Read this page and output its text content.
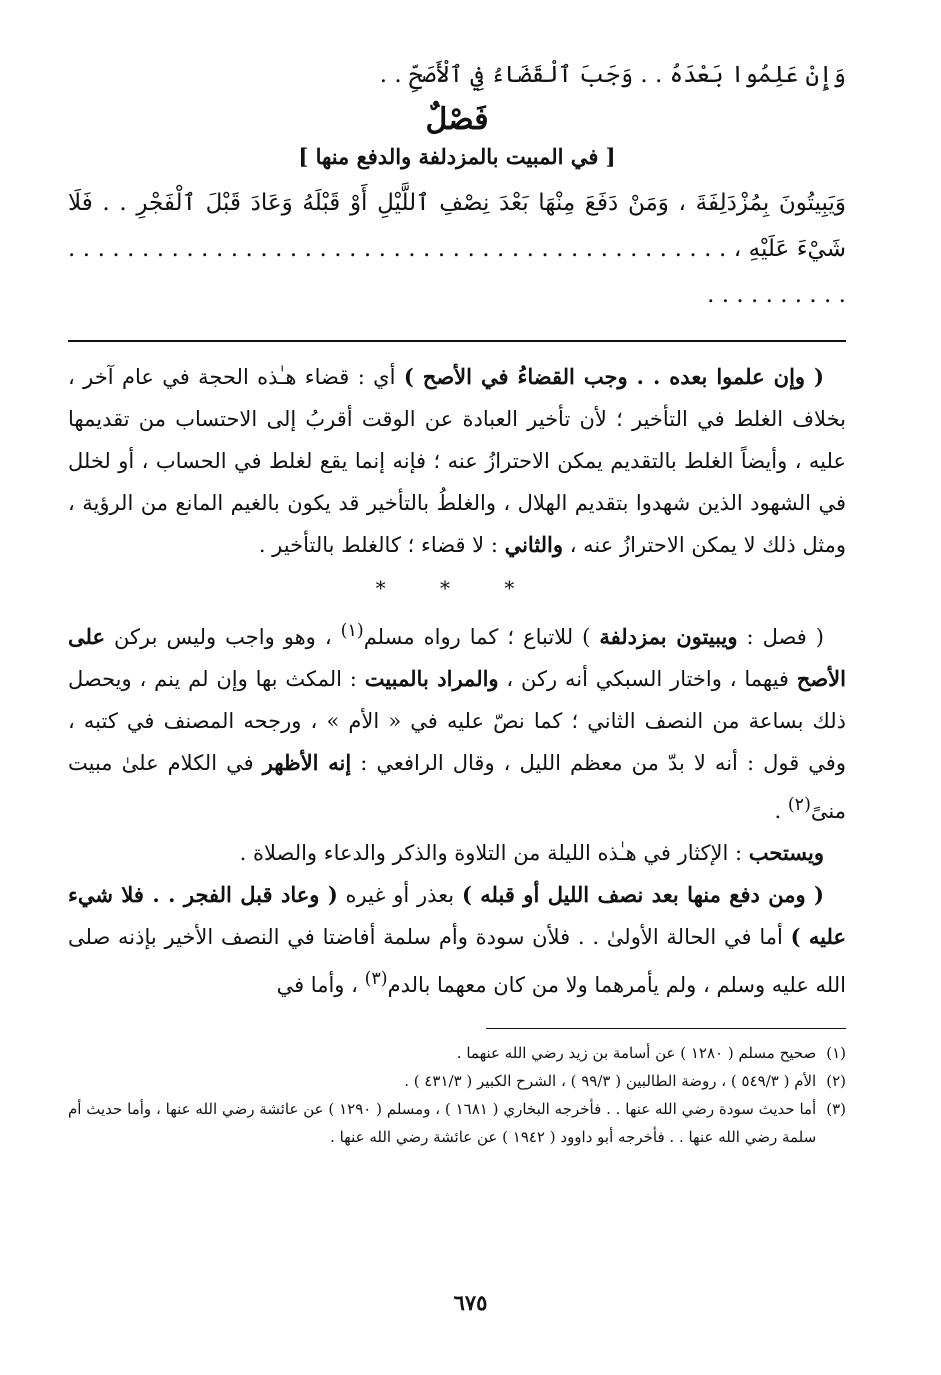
وَإِنْ عَلِمُوا بَعْدَهُ . . وَجَبَ ٱلْقَضَاءُ فِي ٱلْأَصَحِّ . .

فَصْلٌ
[ في المبيت بالمزدلفة والدفع منها ]

وَيَبِيتُونَ بِمُزْدَلِفَةَ ، وَمَنْ دَفَعَ مِنْهَا بَعْدَ نِصْفِ ٱللَّيْلِ أَوْ قَبْلَهُ وَعَادَ قَبْلَ ٱلْفَجْرِ . . فَلَا شَيْءَ عَلَيْهِ ، . . . . . . . . . . . . . . . . . . . . . . . . . . . . . . . . . . . . . . . . . . . . . . . . . . . . . . .

( وإن علموا بعده . . وجب القضاءُ في الأصح ) أي : قضاء هـٰذه الحجة في عام آخر ، بخلاف الغلط في التأخير ؛ لأن تأخير العبادة عن الوقت أقربُ إلى الاحتساب من تقديمها عليه ، وأيضاً الغلط بالتقديم يمكن الاحترازُ عنه ؛ فإنه إنما يقع لغلط في الحساب ، أو لخلل في الشهود الذين شهدوا بتقديم الهلال ، والغلطُ بالتأخير قد يكون بالغيم المانع من الرؤية ، ومثل ذلك لا يمكن الاحترازُ عنه ، والثاني : لا قضاء ؛ كالغلط بالتأخير .

* * *

( فصل : ويبيتون بمزدلفة ) للاتباع ؛ كما رواه مسلم$^{(١)}$ ، وهو واجب وليس بركن على الأصح فيهما ، واختار السبكي أنه ركن ، والمراد بالمبيت : المكث بها وإن لم ينم ، ويحصل ذلك بساعة من النصف الثاني ؛ كما نصّ عليه في « الأم » ، ورجحه المصنف في كتبه ، وفي قول : أنه لا بدّ من معظم الليل ، وقال الرافعي : إنه الأظهر في الكلام علىٰ مبيت منىً$^{(٢)}$ .

ويستحب : الإكثار في هـٰذه الليلة من التلاوة والذكر والدعاء والصلاة .

( ومن دفع منها بعد نصف الليل أو قبله ) بعذر أو غيره ( وعاد قبل الفجر . . فلا شيء عليه ) أما في الحالة الأولىٰ . . فلأن سودة وأم سلمة أفاضتا في النصف الأخير بإذنه صلى الله عليه وسلم ، ولم يأمرهما ولا من كان معهما بالدم$^{(٣)}$ ، وأما في

(١)
صحيح مسلم ( ١٢٨٠ ) عن أسامة بن زيد رضي الله عنهما .
(٢)
الأم ( ٥٤٩/٣ ) ، روضة الطالبين ( ٩٩/٣ ) ، الشرح الكبير ( ٤٣١/٣ ) .
(٣)
أما حديث سودة رضي الله عنها . . فأخرجه البخاري ( ١٦٨١ ) ، ومسلم ( ١٢٩٠ ) عن عائشة رضي الله عنها ، وأما حديث أم سلمة رضي الله عنها . . فأخرجه أبو داوود ( ١٩٤٢ ) عن عائشة رضي الله عنها .
٦٧٥
